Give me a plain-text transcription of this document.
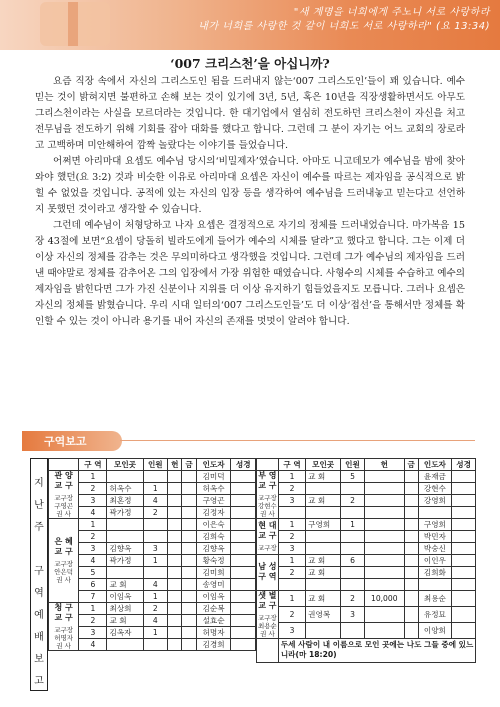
"새 계명을 너희에게 주노니 서로 사랑하라
내가 너희를 사랑한 것 같이 너희도 서로 사랑하라" (요 13:34)
‘007 크리스천’을 아십니까?

요즘 직장 속에서 자신의 그리스도인 됨을 드러내지 않는‘007 그리스도인’들이 꽤 있습니다. 예수 믿는 것이 밝혀지면 불편하고 손해 보는 것이 있기에 3년, 5년, 혹은 10년을 직장생활하면서도 아무도 그리스천이라는 사실을 모르더라는 것입니다. 한 대기업에서 열심히 전도하던 크리스천이 자신을 처고 전무님을 전도하기 위해 기회를 잡아 대화를 했다고 합니다. 그런데 그 분이 자기는 어느 교회의 장로라고 고백하며 미안해하여 깜짝 놀랐다는 이야기를 들었습니다.

어쩌면 아리마대 요셉도 예수님 당시의‘비밀제자’였습니다. 아마도 니고데모가 예수님을 밤에 찾아와야 했던(요 3:2) 것과 비슷한 이유로 아리마대 요셉은 자신이 예수를 따르는 제자임을 공식적으로 밝힐 수 없었을 것입니다. 공적에 있는 자신의 입장 등을 생각하여 예수님을 드러내놓고 믿는다고 선언하지 못했던 것이라고 생각할 수 있습니다.

그런데 예수님이 처형당하고 나자 요셉은 결정적으로 자기의 정체를 드러내었습니다. 마가복음 15장 43절에 보면“요셉이 당돌히 빌라도에게 들어가 예수의 시체를 달라”고 했다고 합니다. 그는 이제 더 이상 자신의 정체를 감추는 것은 무의미하다고 생각했을 것입니다. 그런데 그가 예수님의 제자임을 드러낸 때야말로 정체를 감추어온 그의 입장에서 가장 위험한 때였습니다. 사형수의 시체를 수습하고 예수의 제자임을 밝힌다면 그가 가진 신분이나 지위를 더 이상 유지하기 힘들었을지도 모릅니다. 그러나 요셉은 자신의 정체를 밝혔습니다. 우리 시대 일터의‘007 그리스도인들’도 더 이상‘접선’을 통해서만 정체를 확인할 수 있는 것이 아니라 용기를 내어 자신의 존재를 멋멋이 알려야 합니다.

구역보고
지
난
주
구
역
예
배
보
고
	구 역	모인곳	인원	헌	금	인도자	성경

관 양
교 구
교구장
구영곤
권 사	1					김미덕	
	2	허옥수	1			허옥수	
	3	최혼정	4			구영곤	
	4	곽가정	2			김정자	

은 혜
교 구
교구장
안은덕
권 사	1					이은숙	
	2					김희숙	
	3	김향옥	3			김향옥	
	4	곽가정	1			황숙정	
	5					김미희	
	6	교 회	4			송영미	
	7	이임옥	1			이임옥	

청 구
교 구
교구장
허명자
권 사	1	최상희	2			김순복	
	2	교 회	4			설효순	
	3	김옥자	1			허명자	
	4					김경희	
	구 역	모인곳	인원	헌	금	인도자	성경

부 영
교 구
교구장
강현수
권 사	1	교 회	5			윤재금	
	2					강현수	
	3	교 회	2			강영희	

현 대
교 구
교구장	1	구영희	1			구영희	
	2					박민자	
	3					박숭신	

남 성
구 역	1	교 회	6			이인우	
	2	교 회				김희화	

샛 별
교 구
교구장
최용순
권 사	1	교 회	2	10,000		최용순	
	2	권영복	3			유정묘	
	3					이양희	
	두세 사람이 내 이름으로 모인 곳에는 나도 그들 중에 있느니라(마 18:20)						
